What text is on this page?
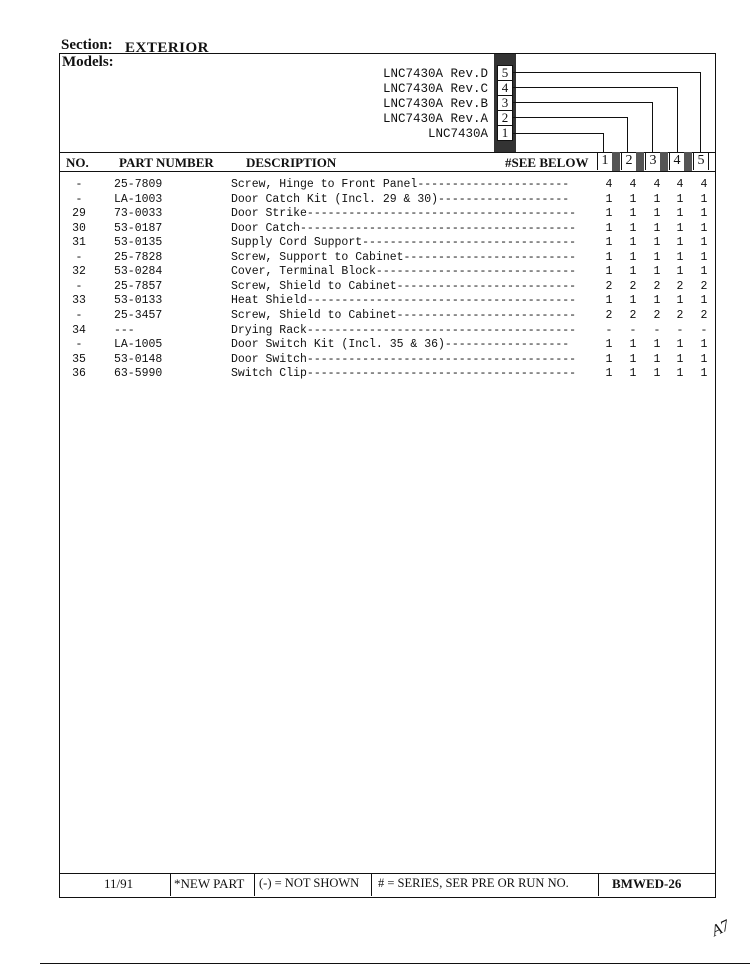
Section: EXTERIOR
Models:
LNC7430A Rev.D
LNC7430A Rev.C
LNC7430A Rev.B
LNC7430A Rev.A
LNC7430A
5
4
3
2
1
NO. PART NUMBER DESCRIPTION	#SEE BELOW 1	2	3	4	5
-	25-7809	Screw, Hinge to Front Panel----------------------	4 4 4 4 4
-	LA-1003	Door Catch Kit (Incl. 29 & 30)-------------------	1 1 1 1 1
29	73-0033	Door Strike---------------------------------------	1 1 1 1 1
30	53-0187	Door Catch----------------------------------------	1 1 1 1 1
31	53-0135	Supply Cord Support-------------------------------	1 1 1 1 1
-	25-7828	Screw, Support to Cabinet-------------------------	1 1 1 1 1
32	53-0284	Cover, Terminal Block-----------------------------	1 1 1 1 1
-	25-7857	Screw, Shield to Cabinet--------------------------	2 2 2 2 2
33	53-0133	Heat Shield---------------------------------------	1 1 1 1 1
-	25-3457	Screw, Shield to Cabinet--------------------------	2 2 2 2 2
34	---	Drying Rack---------------------------------------	- - - - -
-	LA-1005	Door Switch Kit (Incl. 35 & 36)------------------	1 1 1 1 1
35	53-0148	Door Switch---------------------------------------	1 1 1 1 1
36	63-5990	Switch Clip---------------------------------------	1 1 1 1 1
11/91	*NEW PART (-) = NOT SHOWN # = SERIES, SER PRE OR RUN NO.	BMWED-26
A7
